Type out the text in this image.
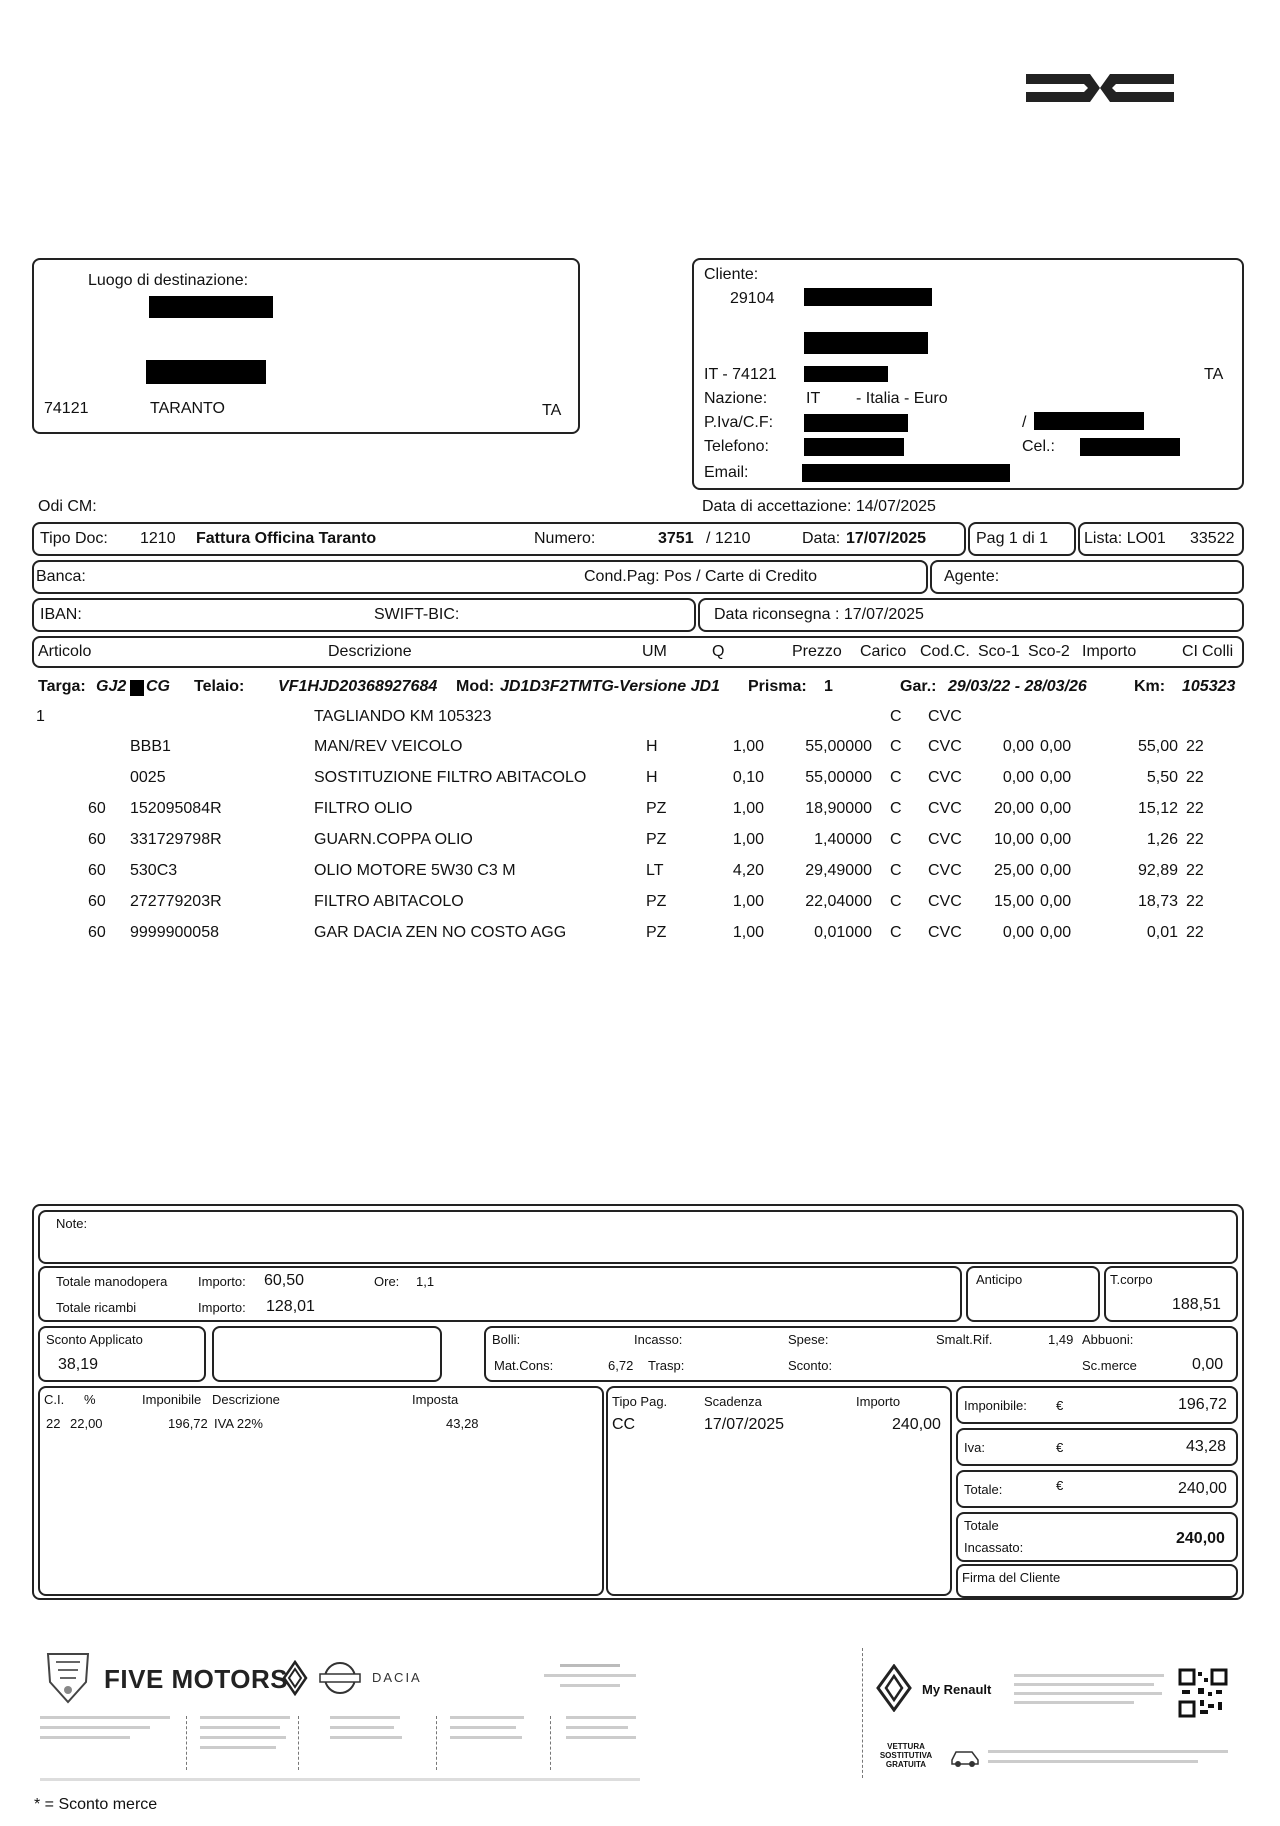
Luogo di destinazione:
74121	TARANTO	TA
Cliente:
29104
IT - 74121	TA
Nazione: IT - Italia - Euro
P.Iva/C.F:	/
Telefono:	Cel.:
Email:
Odi CM:	Data di accettazione: 14/07/2025
Tipo Doc: 1210 Fattura Officina Taranto	Numero:	3751 / 1210	Data: 17/07/2025	Pag 1 di 1 Lista: LO01 33522
Banca:	Cond.Pag: Pos / Carte di Credito	Agente:
IBAN:	SWIFT-BIC:	Data riconsegna : 17/07/2025
Articolo	Descrizione	UM	Q	Prezzo Carico Cod.C. Sco-1 Sco-2 Importo	CI Colli
Targa: GJ2 CG Telaio: VF1HJD20368927684 Mod: JD1D3F2TMTG-Versione JD1 Prisma: 1	Gar.: 29/03/22 - 28/03/26	Km: 105323
1	TAGLIANDO KM 105323	C CVC
BBB1	MAN/REV VEICOLO	H	1,00	55,00000 C CVC	0,00 0,00	55,00 22
0025	SOSTITUZIONE FILTRO ABITACOLO	H	0,10	55,00000 C CVC	0,00 0,00	5,50 22
60 152095084R	FILTRO OLIO	PZ	1,00	18,90000 C CVC	20,00 0,00	15,12 22
60 331729798R	GUARN.COPPA OLIO	PZ	1,00	1,40000 C CVC	10,00 0,00	1,26 22
60 530C3	OLIO MOTORE 5W30 C3 M	LT	4,20	29,49000 C CVC	25,00 0,00	92,89 22
60 272779203R	FILTRO ABITACOLO	PZ	1,00	22,04000 C CVC	15,00 0,00	18,73 22
60 9999900058	GAR DACIA ZEN NO COSTO AGG	PZ	1,00	0,01000 C CVC	0,00 0,00	0,01 22
Note:
Totale manodopera Importo: 60,50	Ore: 1,1
Totale ricambi	Importo: 128,01
Anticipo	T.corpo
188,51
Sconto Applicato
38,19
Bolli:	Incasso:	Spese:	Smalt.Rif.	1,49 Abbuoni:
Mat.Cons:	6,72 Trasp:	Sconto:	Sc.merce	0,00
C.I. %	Imponibile Descrizione	Imposta
22 22,00	196,72 IVA 22%	43,28
Tipo Pag.	Scadenza	Importo
CC	17/07/2025	240,00
Imponibile: €	196,72
Iva:	€	43,28
Totale:	€	240,00
Totale
Incassato:
240,00
Firma del Cliente
FIVE MOTORS	DACIA
My Renault
VETTURA SOSTITUTIVA GRATUITA
* = Sconto merce
